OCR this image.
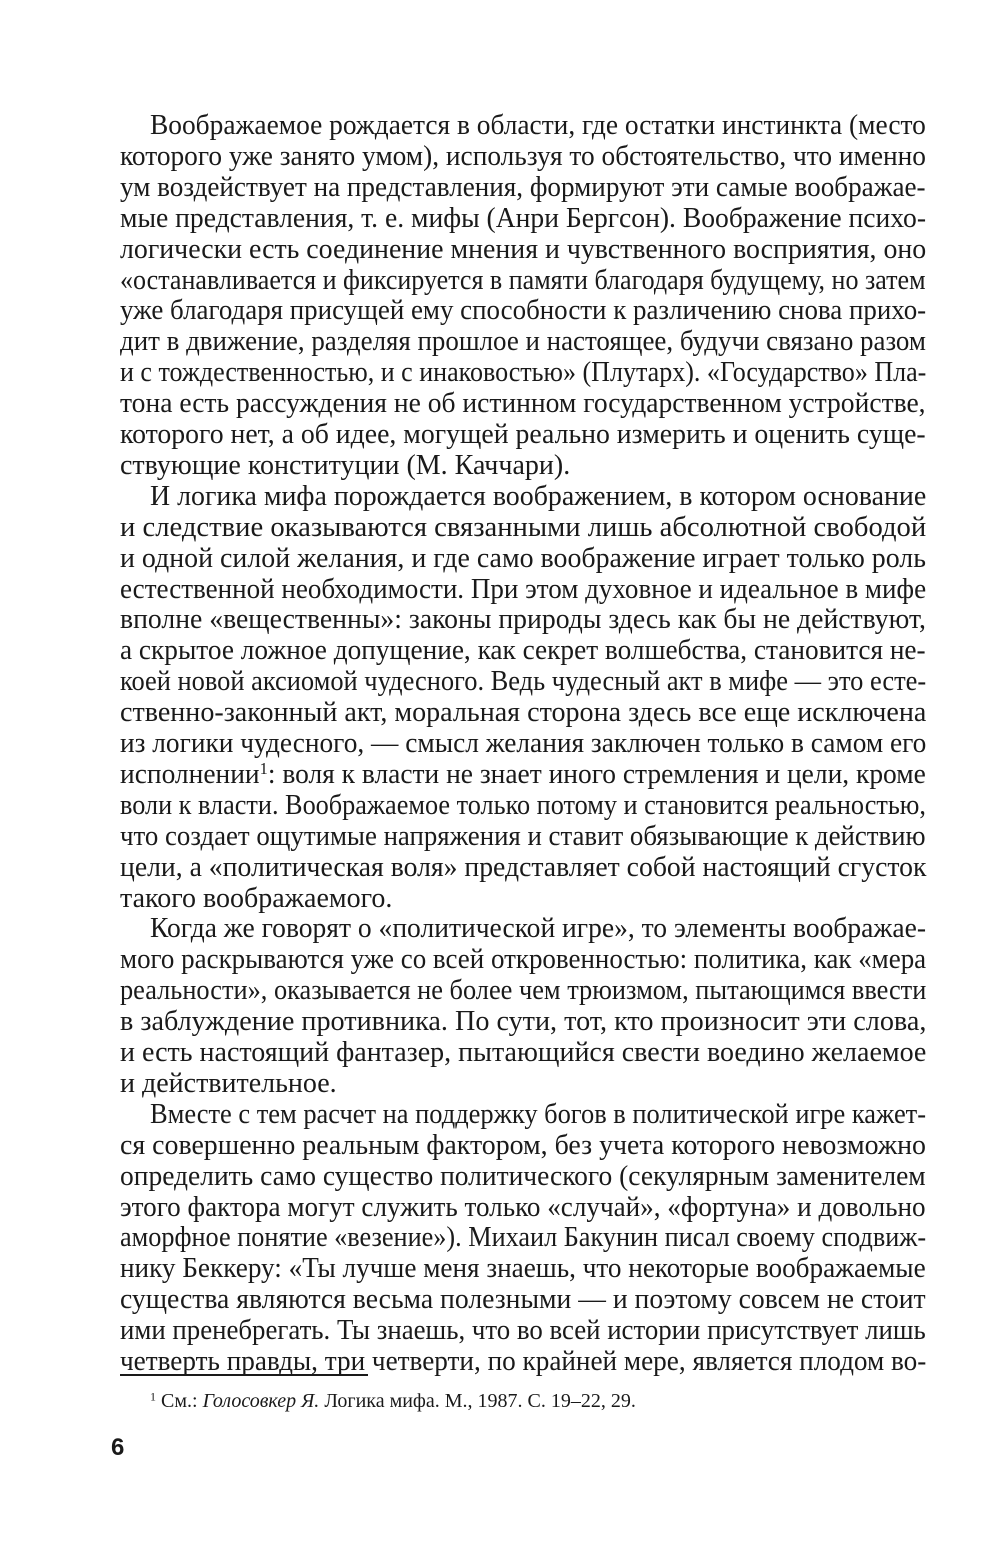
Воображаемое рождается в области, где остатки инстинкта (место
которого уже занято умом), используя то обстоятельство, что именно
ум воздействует на представления, формируют эти самые воображае-
мые представления, т. е. мифы (Анри Бергсон). Воображение психо-
логически есть соединение мнения и чувственного восприятия, оно
«останавливается и фиксируется в памяти благодаря будущему, но затем
уже благодаря присущей ему способности к различению снова прихо-
дит в движение, разделяя прошлое и настоящее, будучи связано разом
и с тождественностью, и с инаковостью» (Плутарх). «Государство» Пла-
тона есть рассуждения не об истинном государственном устройстве,
которого нет, а об идее, могущей реально измерить и оценить суще-
ствующие конституции (М. Каччари).
И логика мифа порождается воображением, в котором основание
и следствие оказываются связанными лишь абсолютной свободой
и одной силой желания, и где само воображение играет только роль
естественной необходимости. При этом духовное и идеальное в мифе
вполне «вещественны»: законы природы здесь как бы не действуют,
а скрытое ложное допущение, как секрет волшебства, становится не-
коей новой аксиомой чудесного. Ведь чудесный акт в мифе — это есте-
ственно-законный акт, моральная сторона здесь все еще исключена
из логики чудесного, — смысл желания заключен только в самом его
исполнении$^1$: воля к власти не знает иного стремления и цели, кроме
воли к власти. Воображаемое только потому и становится реальностью,
что создает ощутимые напряжения и ставит обязывающие к действию
цели, а «политическая воля» представляет собой настоящий сгусток
такого воображаемого.
Когда же говорят о «политической игре», то элементы воображае-
мого раскрываются уже со всей откровенностью: политика, как «мера
реальности», оказывается не более чем трюизмом, пытающимся ввести
в заблуждение противника. По сути, тот, кто произносит эти слова,
и есть настоящий фантазер, пытающийся свести воедино желаемое
и действительное.
Вместе с тем расчет на поддержку богов в политической игре кажет-
ся совершенно реальным фактором, без учета которого невозможно
определить само существо политического (секулярным заменителем
этого фактора могут служить только «случай», «фортуна» и довольно
аморфное понятие «везение»). Михаил Бакунин писал своему сподвиж-
нику Беккеру: «Ты лучше меня знаешь, что некоторые воображаемые
существа являются весьма полезными — и поэтому совсем не стоит
ими пренебрегать. Ты знаешь, что во всей истории присутствует лишь
четверть правды, три четверти, по крайней мере, является плодом во-
$^1$ См.: Голосовкер Я. Логика мифа. М., 1987. С. 19–22, 29.
6
